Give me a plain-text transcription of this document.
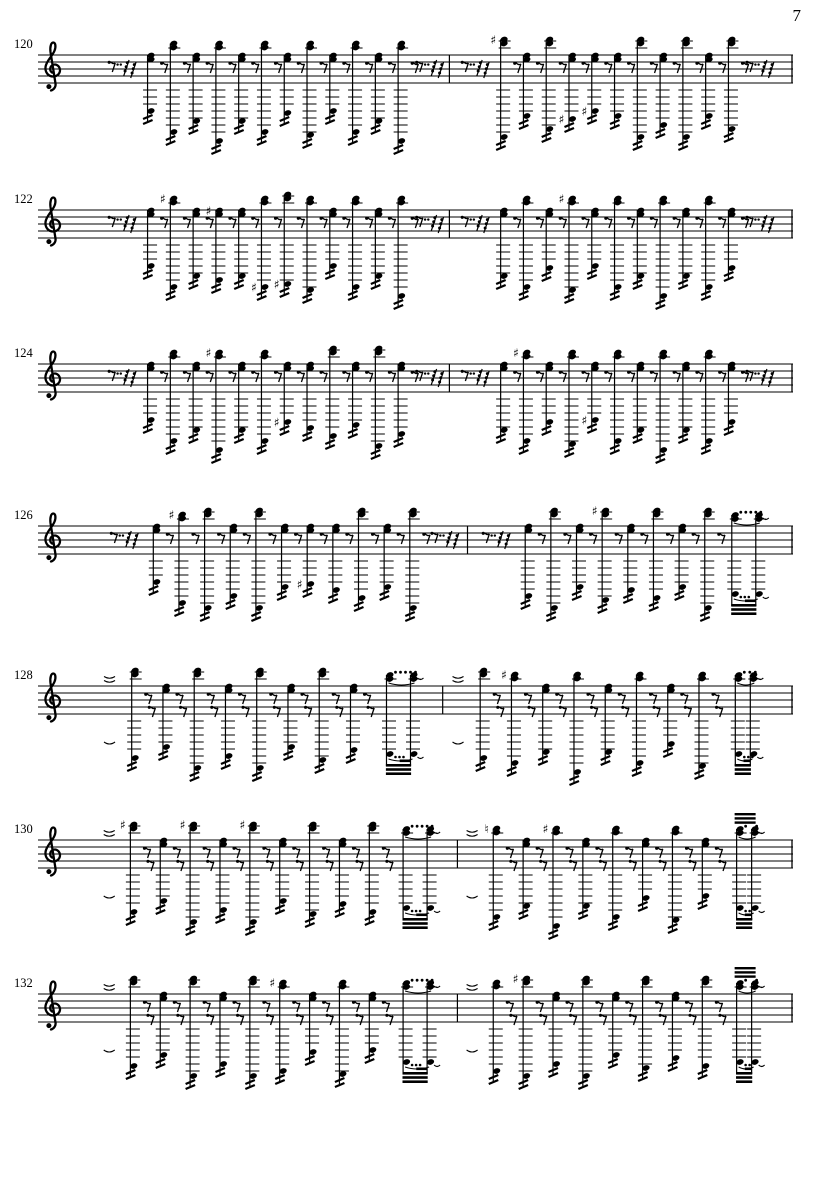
7
120	♯
♯
♯
122	♯
♯
♯ ♯
♯
124	♯
♯
♯
♯
126	♯
♯
♯
128	♯
130	♯	♯	♯	♮	♯
132	♯	♯
